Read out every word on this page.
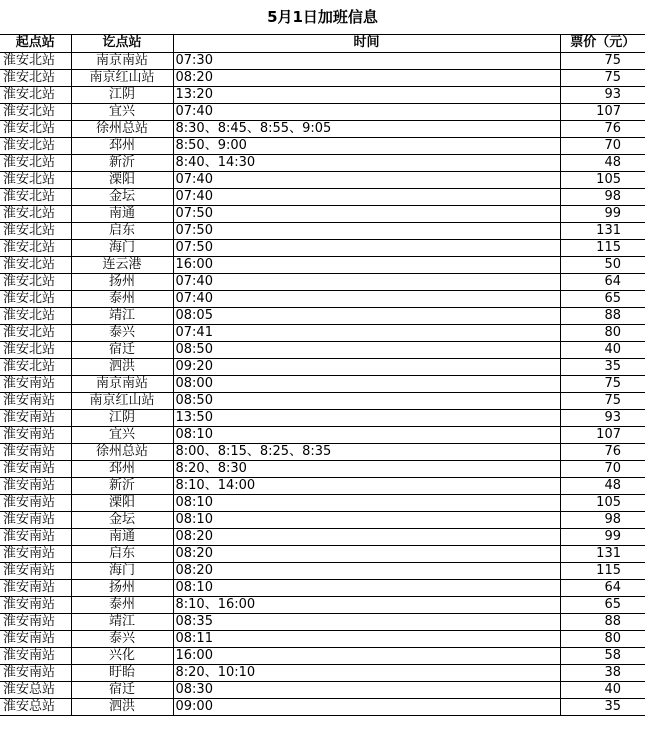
5月1日加班信息
起点站	讫点站	时间	票价（元）
淮安北站	南京南站	07:30	75
淮安北站	南京红山站	08:20	75
淮安北站	江阴	13:20	93
淮安北站	宜兴	07:40	107
淮安北站	徐州总站	8:30、8:45、8:55、9:05	76
淮安北站	邳州	8:50、9:00	70
淮安北站	新沂	8:40、14:30	48
淮安北站	溧阳	07:40	105
淮安北站	金坛	07:40	98
淮安北站	南通	07:50	99
淮安北站	启东	07:50	131
淮安北站	海门	07:50	115
淮安北站	连云港	16:00	50
淮安北站	扬州	07:40	64
淮安北站	泰州	07:40	65
淮安北站	靖江	08:05	88
淮安北站	泰兴	07:41	80
淮安北站	宿迁	08:50	40
淮安北站	泗洪	09:20	35
淮安南站	南京南站	08:00	75
淮安南站	南京红山站	08:50	75
淮安南站	江阴	13:50	93
淮安南站	宜兴	08:10	107
淮安南站	徐州总站	8:00、8:15、8:25、8:35	76
淮安南站	邳州	8:20、8:30	70
淮安南站	新沂	8:10、14:00	48
淮安南站	溧阳	08:10	105
淮安南站	金坛	08:10	98
淮安南站	南通	08:20	99
淮安南站	启东	08:20	131
淮安南站	海门	08:20	115
淮安南站	扬州	08:10	64
淮安南站	泰州	8:10、16:00	65
淮安南站	靖江	08:35	88
淮安南站	泰兴	08:11	80
淮安南站	兴化	16:00	58
淮安南站	盱眙	8:20、10:10	38
淮安总站	宿迁	08:30	40
淮安总站	泗洪	09:00	35
